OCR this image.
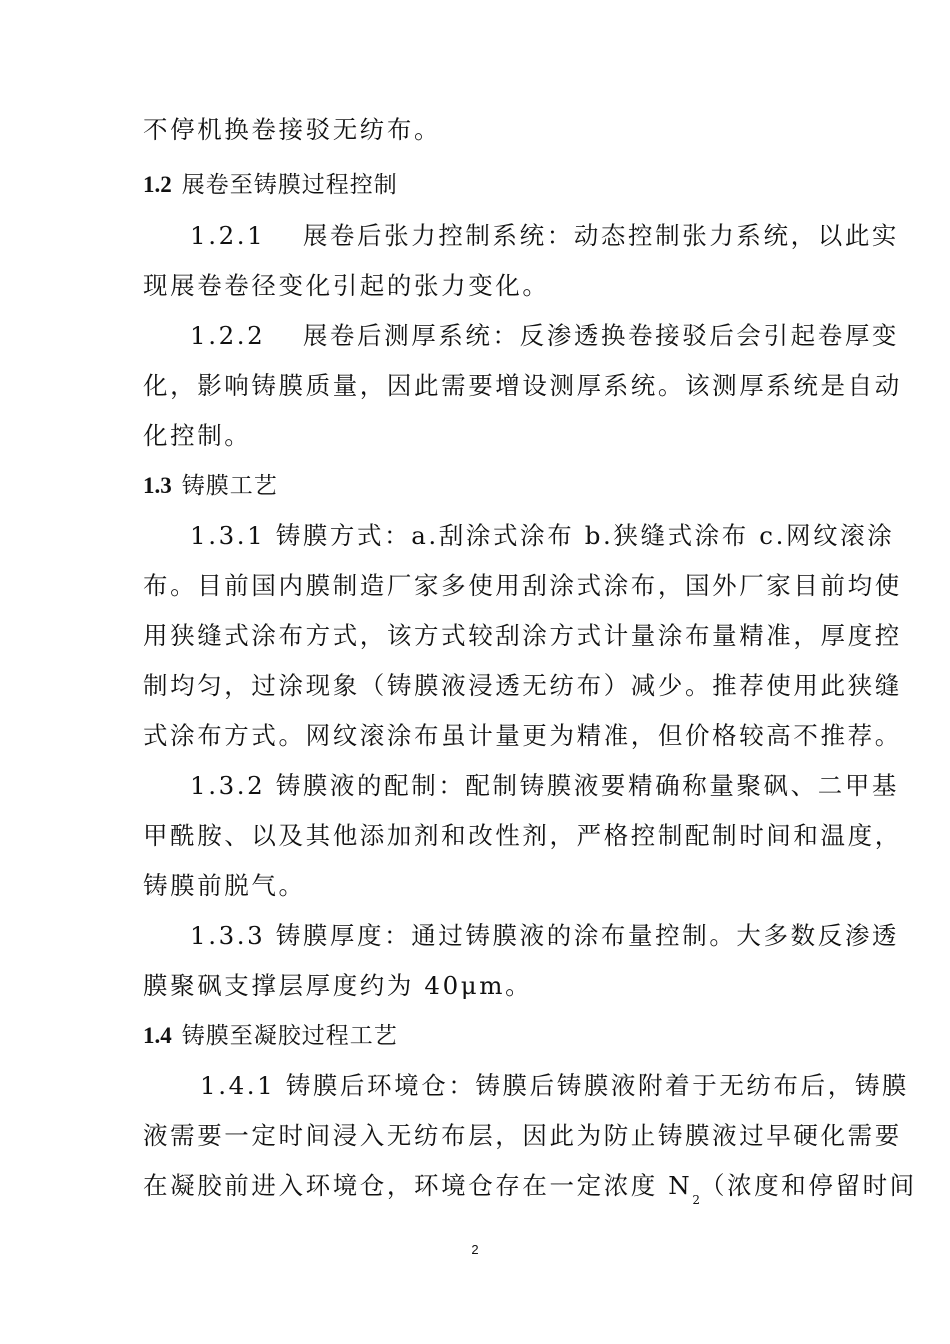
不停机换卷接驳无纺布。
1.2 展卷至铸膜过程控制
1.2.1　 展卷后张力控制系统：动态控制张力系统，以此实
现展卷卷径变化引起的张力变化。
1.2.2　 展卷后测厚系统：反渗透换卷接驳后会引起卷厚变
化，影响铸膜质量，因此需要增设测厚系统。该测厚系统是自动
化控制。
1.3 铸膜工艺
1.3.1 铸膜方式：a.刮涂式涂布 b.狭缝式涂布 c.网纹滚涂
布。目前国内膜制造厂家多使用刮涂式涂布，国外厂家目前均使
用狭缝式涂布方式，该方式较刮涂方式计量涂布量精准，厚度控
制均匀，过涂现象（铸膜液浸透无纺布）减少。推荐使用此狭缝
式涂布方式。网纹滚涂布虽计量更为精准，但价格较高不推荐。
1.3.2 铸膜液的配制：配制铸膜液要精确称量聚砜、二甲基
甲酰胺、以及其他添加剂和改性剂，严格控制配制时间和温度，
铸膜前脱气。
1.3.3 铸膜厚度：通过铸膜液的涂布量控制。大多数反渗透
膜聚砜支撑层厚度约为 40μm。
1.4 铸膜至凝胶过程工艺
1.4.1 铸膜后环境仓：铸膜后铸膜液附着于无纺布后，铸膜
液需要一定时间浸入无纺布层，因此为防止铸膜液过早硬化需要
在凝胶前进入环境仓，环境仓存在一定浓度 $N_2$（浓度和停留时间
2
